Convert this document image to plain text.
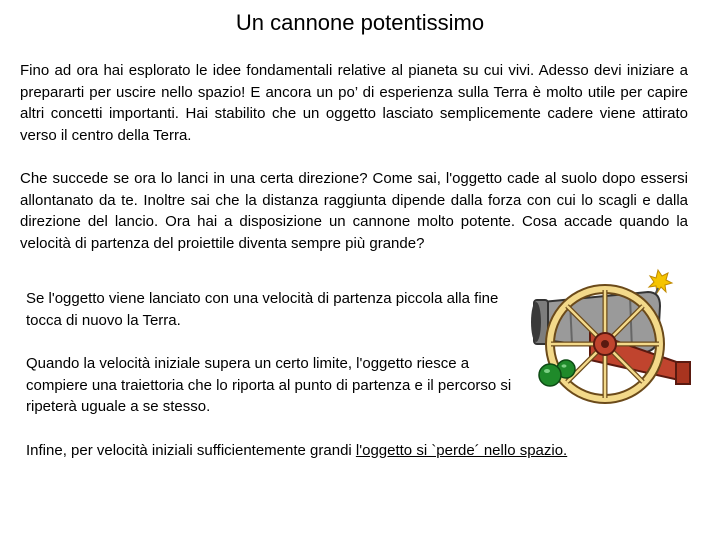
Un cannone potentissimo

Fino ad ora hai esplorato le idee fondamentali relative al pianeta su cui vivi. Adesso devi iniziare a prepararti per uscire nello spazio! E ancora un po’ di esperienza sulla Terra è molto utile per capire altri concetti importanti. Hai stabilito che un oggetto lasciato semplicemente cadere viene attirato verso il centro della Terra.

Che succede se ora lo lanci in una certa direzione? Come sai, l'oggetto cade al suolo dopo essersi allontanato da te. Inoltre sai che la distanza raggiunta dipende dalla forza con cui lo scagli e dalla direzione del lancio. Ora hai a disposizione un cannone molto potente. Cosa accade quando la velocità di partenza del proiettile diventa sempre più grande?

Se l'oggetto viene lanciato con una velocità di partenza piccola alla fine tocca di nuovo la Terra.

Quando la velocità iniziale supera un certo limite, l'oggetto riesce a compiere una traiettoria che lo riporta al punto di partenza e il percorso si ripeterà uguale a se stesso.

Infine, per velocità iniziali sufficientemente grandi l'oggetto si `perde´ nello spazio.
